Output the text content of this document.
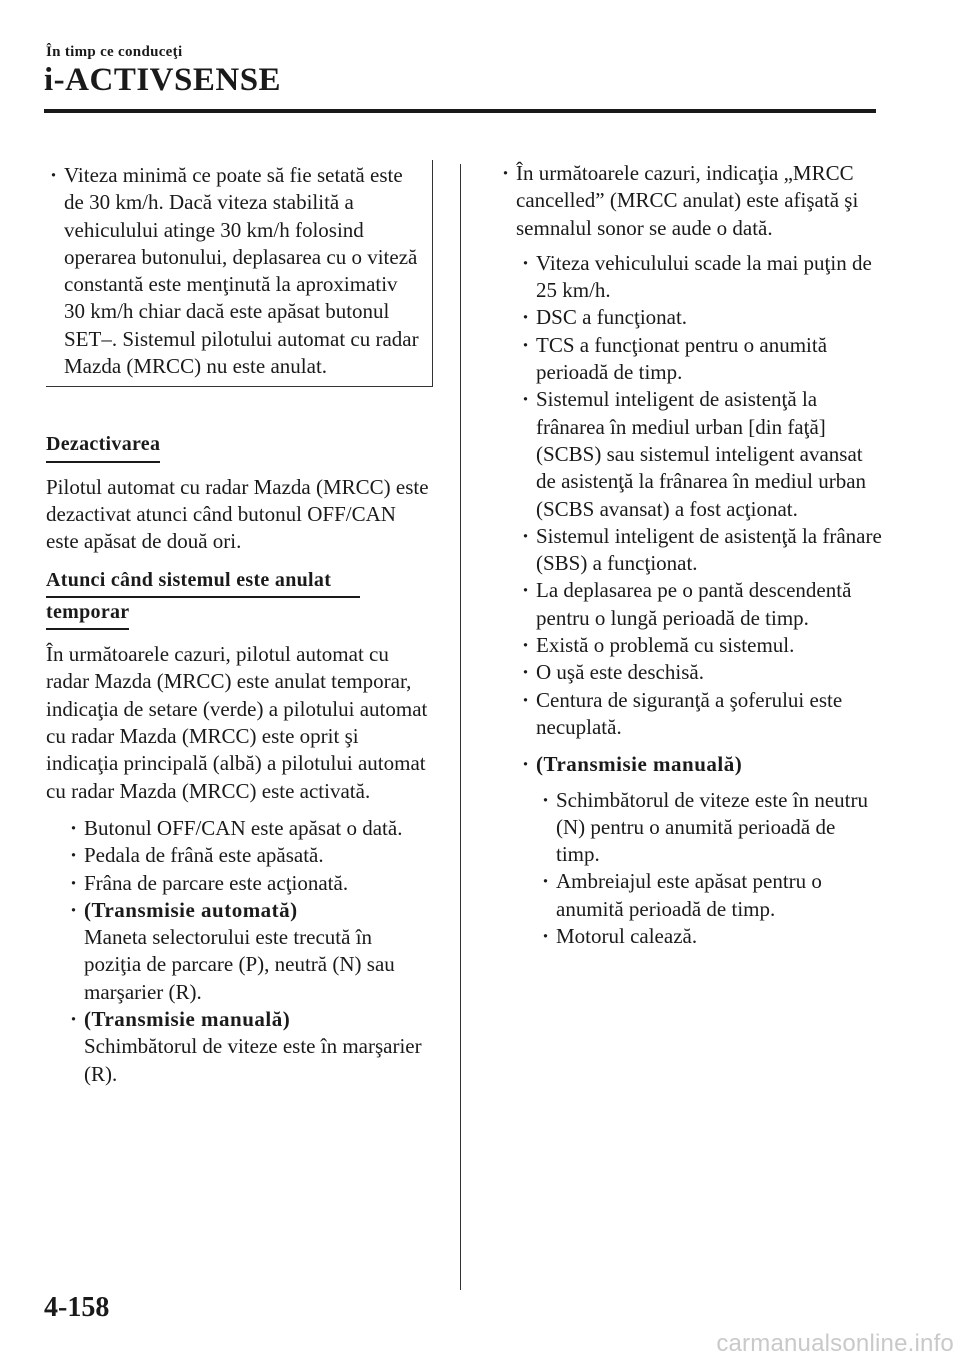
În timp ce conduceţi
i-ACTIVSENSE
· Viteza minimă ce poate să fie setată este de 30 km/h. Dacă viteza stabilită a vehiculului atinge 30 km/h folosind operarea butonului, deplasarea cu o viteză constantă este menţinută la aproximativ 30 km/h chiar dacă este apăsat butonul SET–. Sistemul pilotului automat cu radar Mazda (MRCC) nu este anulat.
Dezactivarea

Pilotul automat cu radar Mazda (MRCC) este dezactivat atunci când butonul OFF/CAN este apăsat de două ori.

Atunci când sistemul este anulat
temporar

În următoarele cazuri, pilotul automat cu radar Mazda (MRCC) este anulat temporar, indicaţia de setare (verde) a pilotului automat cu radar Mazda (MRCC) este oprit şi indicaţia principală (albă) a pilotului automat cu radar Mazda (MRCC) este activată.

· Butonul OFF/CAN este apăsat o dată.
· Pedala de frână este apăsată.
· Frâna de parcare este acţionată.
· (Transmisie automată)
Maneta selectorului este trecută în poziţia de parcare (P), neutră (N) sau marşarier (R).
· (Transmisie manuală)
Schimbătorul de viteze este în marşarier (R).
· În următoarele cazuri, indicaţia „MRCC cancelled” (MRCC anulat) este afişată şi semnalul sonor se aude o dată.
· Viteza vehiculului scade la mai puţin de 25 km/h.
· DSC a funcţionat.
· TCS a funcţionat pentru o anumită perioadă de timp.
· Sistemul inteligent de asistenţă la frânarea în mediul urban [din faţă] (SCBS) sau sistemul inteligent avansat de asistenţă la frânarea în mediul urban (SCBS avansat) a fost acţionat.
· Sistemul inteligent de asistenţă la frânare (SBS) a funcţionat.
· La deplasarea pe o pantă descendentă pentru o lungă perioadă de timp.
· Există o problemă cu sistemul.
· O uşă este deschisă.
· Centura de siguranţă a şoferului este necuplată.
· (Transmisie manuală)
· Schimbătorul de viteze este în neutru (N) pentru o anumită perioadă de timp.
· Ambreiajul este apăsat pentru o anumită perioadă de timp.
· Motorul calează.
4-158
carmanualsonline.info
